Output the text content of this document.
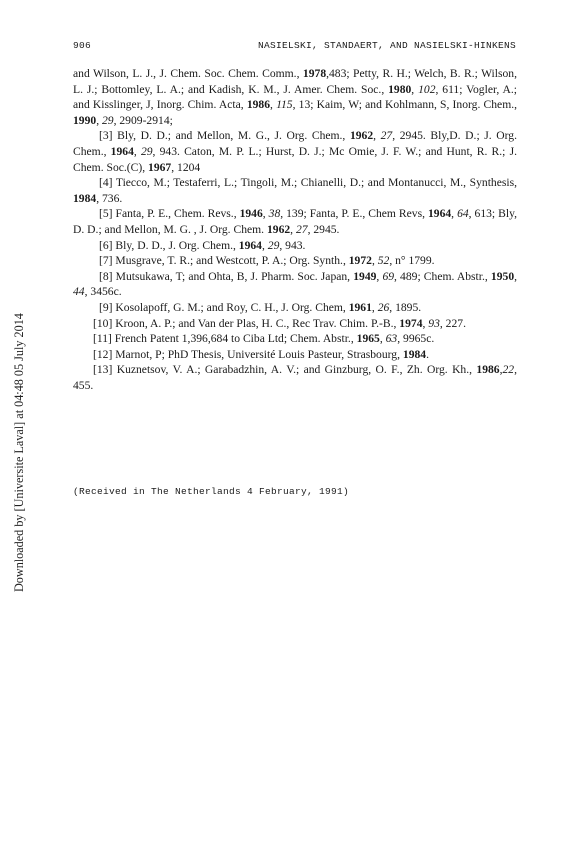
906	NASIELSKI, STANDAERT, AND NASIELSKI-HINKENS

and Wilson, L. J., J. Chem. Soc. Chem. Comm., 1978,483; Petty, R. H.; Welch, B. R.; Wilson, L. J.; Bottomley, L. A.; and Kadish, K. M., J. Amer. Chem. Soc., 1980, 102, 611; Vogler, A.; and Kisslinger, J, Inorg. Chim. Acta, 1986, 115, 13; Kaim, W; and Kohlmann, S, Inorg. Chem., 1990, 29, 2909-2914;

[3] Bly, D. D.; and Mellon, M. G., J. Org. Chem., 1962, 27, 2945. Bly,D. D.; J. Org. Chem., 1964, 29, 943. Caton, M. P. L.; Hurst, D. J.; Mc Omie, J. F. W.; and Hunt, R. R.; J. Chem. Soc.(C), 1967, 1204

[4] Tiecco, M.; Testaferri, L.; Tingoli, M.; Chianelli, D.; and Montanucci, M., Synthesis, 1984, 736.

[5] Fanta, P. E., Chem. Revs., 1946, 38, 139; Fanta, P. E., Chem Revs, 1964, 64, 613; Bly, D. D.; and Mellon, M. G. , J. Org. Chem. 1962, 27, 2945.

[6] Bly, D. D., J. Org. Chem., 1964, 29, 943.

[7] Musgrave, T. R.; and Westcott, P. A.; Org. Synth., 1972, 52, n° 1799.

[8] Mutsukawa, T; and Ohta, B, J. Pharm. Soc. Japan, 1949, 69, 489; Chem. Abstr., 1950, 44, 3456c.

[9] Kosolapoff, G. M.; and Roy, C. H., J. Org. Chem, 1961, 26, 1895.

[10] Kroon, A. P.; and Van der Plas, H. C., Rec Trav. Chim. P.-B., 1974, 93, 227.

[11] French Patent 1,396,684 to Ciba Ltd; Chem. Abstr., 1965, 63, 9965c.

[12] Marnot, P; PhD Thesis, Université Louis Pasteur, Strasbourg, 1984.

[13] Kuznetsov, V. A.; Garabadzhin, A. V.; and Ginzburg, O. F., Zh. Org. Kh., 1986,22, 455.

(Received in The Netherlands 4 February, 1991)
Downloaded by [Universite Laval] at 04:48 05 July 2014
